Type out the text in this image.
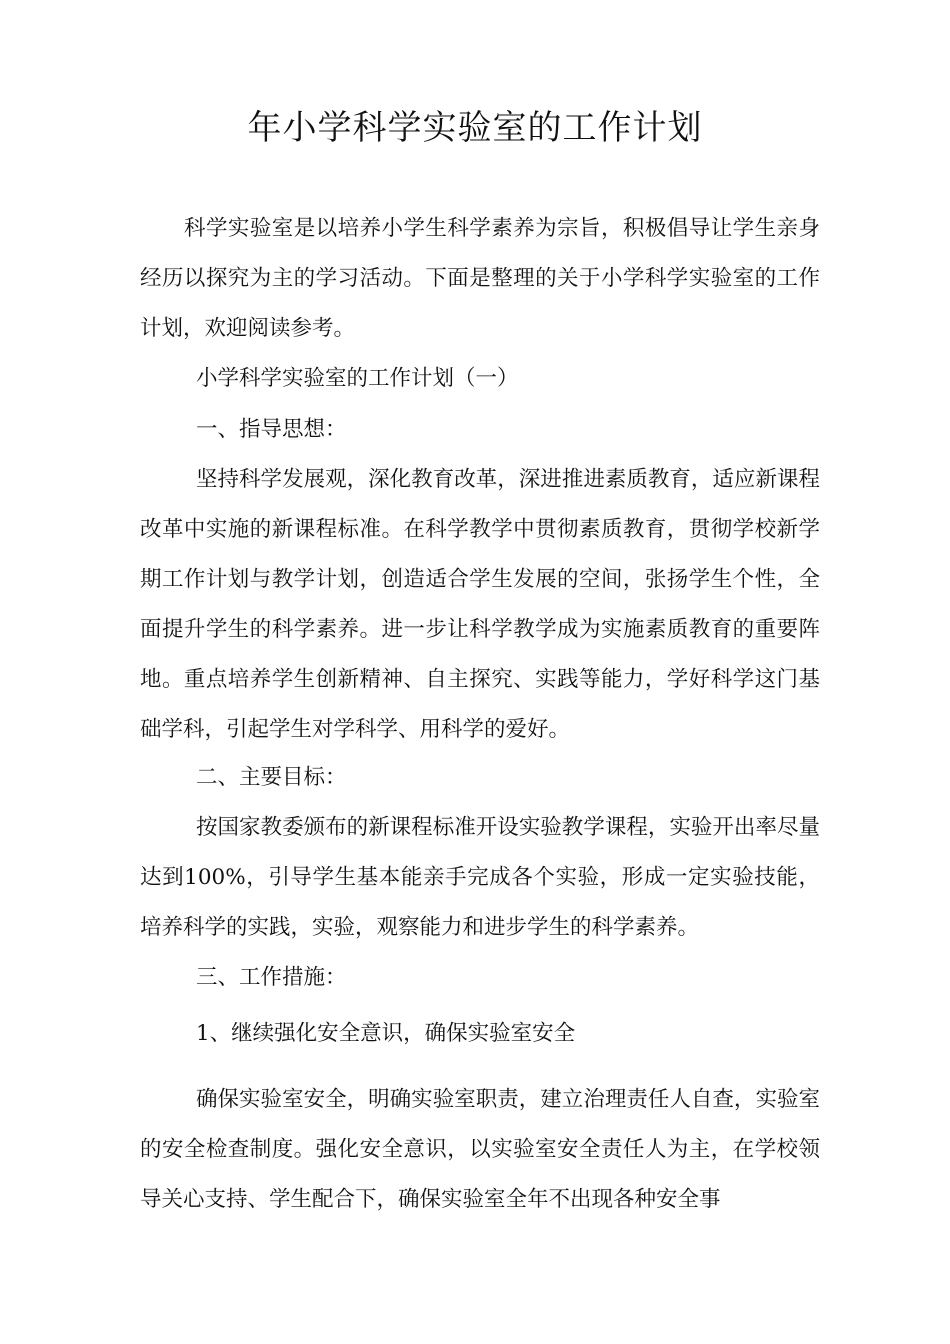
年小学科学实验室的工作计划

科学实验室是以培养小学生科学素养为宗旨，积极倡导让学生亲身经历以探究为主的学习活动。下面是整理的关于小学科学实验室的工作计划，欢迎阅读参考。

小学科学实验室的工作计划（一）

一、指导思想：

坚持科学发展观，深化教育改革，深进推进素质教育，适应新课程改革中实施的新课程标准。在科学教学中贯彻素质教育，贯彻学校新学期工作计划与教学计划，创造适合学生发展的空间，张扬学生个性，全面提升学生的科学素养。进一步让科学教学成为实施素质教育的重要阵地。重点培养学生创新精神、自主探究、实践等能力，学好科学这门基础学科，引起学生对学科学、用科学的爱好。

二、主要目标：

按国家教委颁布的新课程标准开设实验教学课程，实验开出率尽量达到100%，引导学生基本能亲手完成各个实验，形成一定实验技能，培养科学的实践，实验，观察能力和进步学生的科学素养。

三、工作措施：

1、继续强化安全意识，确保实验室安全

确保实验室安全，明确实验室职责，建立治理责任人自查，实验室的安全检查制度。强化安全意识，以实验室安全责任人为主，在学校领导关心支持、学生配合下，确保实验室全年不出现各种安全事
